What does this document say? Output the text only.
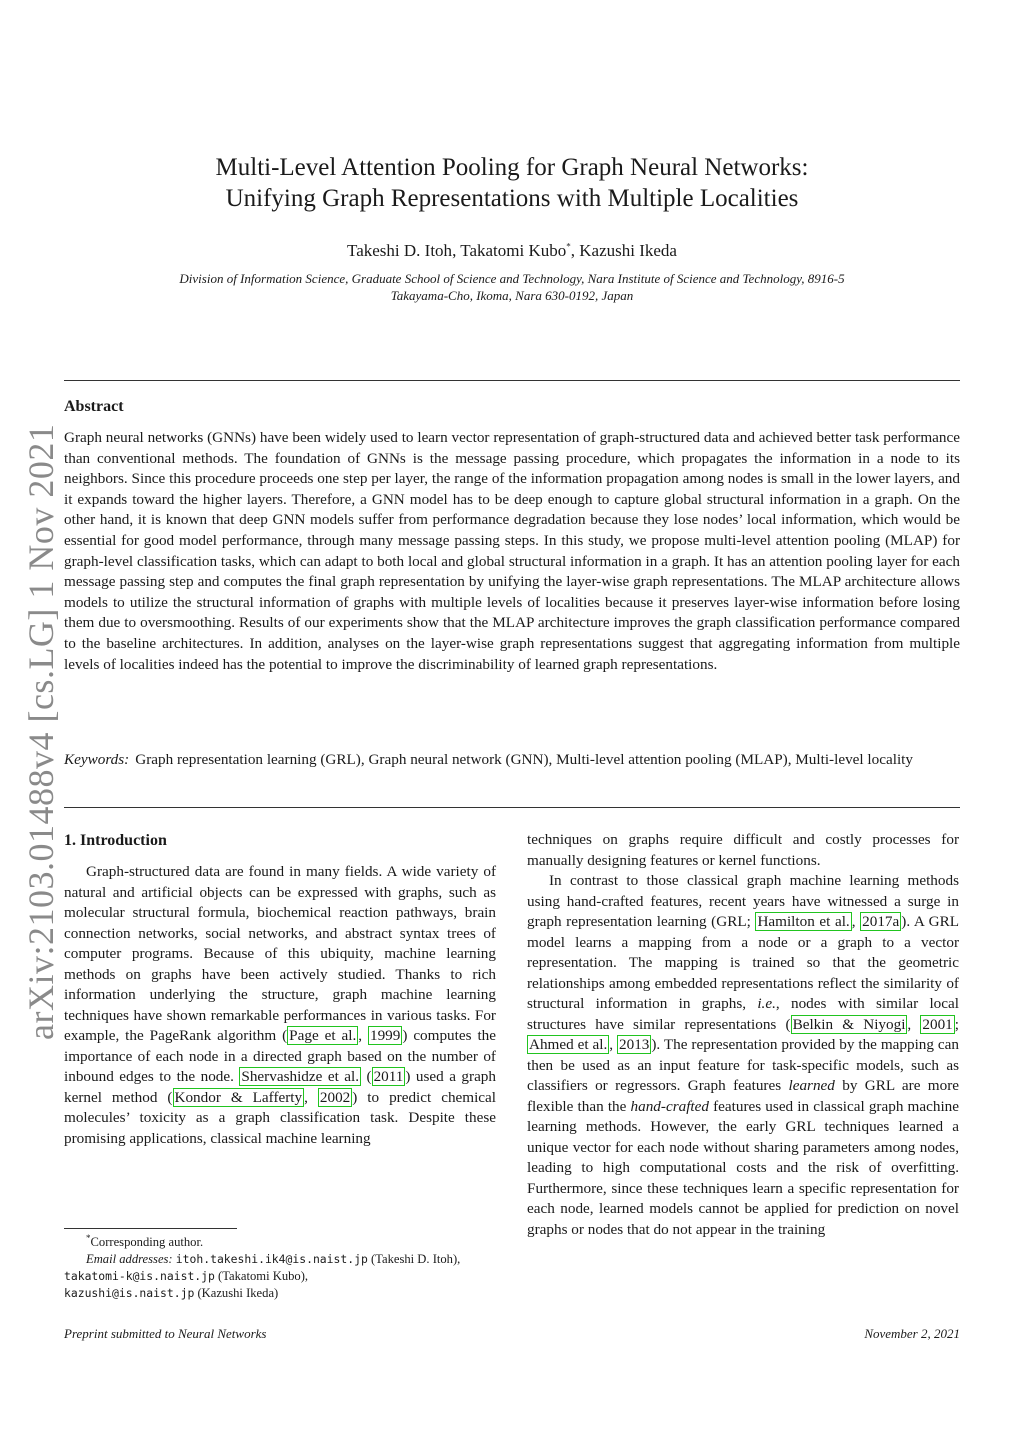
arXiv:2103.01488v4 [cs.LG] 1 Nov 2021
Multi-Level Attention Pooling for Graph Neural Networks:
Unifying Graph Representations with Multiple Localities
Takeshi D. Itoh, Takatomi Kubo*, Kazushi Ikeda
Division of Information Science, Graduate School of Science and Technology, Nara Institute of Science and Technology, 8916-5
Takayama-Cho, Ikoma, Nara 630-0192, Japan
Abstract
Graph neural networks (GNNs) have been widely used to learn vector representation of graph-structured data and achieved better task performance than conventional methods. The foundation of GNNs is the message passing procedure, which propagates the information in a node to its neighbors. Since this procedure proceeds one step per layer, the range of the information propagation among nodes is small in the lower layers, and it expands toward the higher layers. Therefore, a GNN model has to be deep enough to capture global structural information in a graph. On the other hand, it is known that deep GNN models suffer from performance degradation because they lose nodes’ local information, which would be essential for good model performance, through many message passing steps. In this study, we propose multi-level attention pooling (MLAP) for graph-level classification tasks, which can adapt to both local and global structural information in a graph. It has an attention pooling layer for each message passing step and computes the final graph representation by unifying the layer-wise graph representations. The MLAP architecture allows models to utilize the structural information of graphs with multiple levels of localities because it preserves layer-wise information before losing them due to oversmoothing. Results of our experiments show that the MLAP architecture improves the graph classification performance compared to the baseline architectures. In addition, analyses on the layer-wise graph representations suggest that aggregating information from multiple levels of localities indeed has the potential to improve the discriminability of learned graph representations.
Keywords: Graph representation learning (GRL), Graph neural network (GNN), Multi-level attention pooling (MLAP), Multi-level locality
1. Introduction

Graph-structured data are found in many fields. A wide variety of natural and artificial objects can be expressed with graphs, such as molecular structural formula, biochemical reaction pathways, brain connection networks, social networks, and abstract syntax trees of computer programs. Because of this ubiquity, machine learning methods on graphs have been actively studied. Thanks to rich information underlying the structure, graph machine learning techniques have shown remarkable performances in various tasks. For example, the PageRank algorithm ( Page et al. , 1999 ) computes the importance of each node in a directed graph based on the number of inbound edges to the node. Shervashidze et al. ( 2011 ) used a graph kernel method ( Kondor & Lafferty , 2002 ) to predict chemical molecules’ toxicity as a graph classification task. Despite these promising applications, classical machine learning

techniques on graphs require difficult and costly processes for manually designing features or kernel functions.

In contrast to those classical graph machine learning methods using hand-crafted features, recent years have witnessed a surge in graph representation learning (GRL; Hamilton et al. , 2017a ). A GRL model learns a mapping from a node or a graph to a vector representation. The mapping is trained so that the geometric relationships among embedded representations reflect the similarity of structural information in graphs, i.e., nodes with similar local structures have similar representations ( Belkin & Niyogi , 2001 ; Ahmed et al. , 2013 ). The representation provided by the mapping can then be used as an input feature for task-specific models, such as classifiers or regressors. Graph features learned by GRL are more flexible than the hand-crafted features used in classical graph machine learning methods. However, the early GRL techniques learned a unique vector for each node without sharing parameters among nodes, leading to high computational costs and the risk of overfitting. Furthermore, since these techniques learn a specific representation for each node, learned models cannot be applied for prediction on novel graphs or nodes that do not appear in the training

*Corresponding author.

Email addresses: itoh.takeshi.ik4@is.naist.jp (Takeshi D. Itoh), takatomi-k@is.naist.jp (Takatomi Kubo),
kazushi@is.naist.jp (Kazushi Ikeda)

Preprint submitted to Neural Networks	November 2, 2021
